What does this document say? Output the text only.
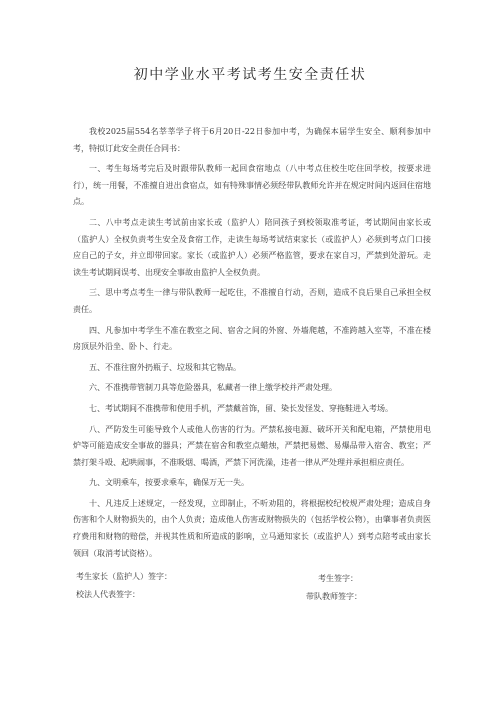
初中学业水平考试考生安全责任状

我校2025届554名莘莘学子将于6月20日-22日参加中考，为确保本届学生安全、顺利参加中考，特拟订此安全责任合同书：

一、考生每场考完后及时跟带队教师一起回食宿地点（八中考点住校生吃住回学校，按要求进行），统一用餐，不准擅自进出食宿点，如有特殊事情必须经带队教师允许并在规定时间内返回住宿地点。

二、八中考点走读生考试前由家长或（监护人）陪同孩子到校领取准考证，考试期间由家长或（监护人）全权负责考生安全及食宿工作，走读生每场考试结束家长（或监护人）必须到考点门口接应自己的子女，并立即带回家。家长（或监护人）必须严格监管，要求在家自习，严禁到处游玩。走读生考试期间误考、出现安全事故由监护人全权负责。

三、思中考点考生一律与带队教师一起吃住，不准擅自行动，否则，造成不良后果自己承担全权责任。

四、凡参加中考学生不准在教室之间、宿舍之间的外窗、外墙爬越，不准跨越入室等，不准在楼房顶层外沿坐、卧卜、行走。

五、不准往窗外扔瓶子、垃圾和其它物品。

六、不准携带管制刀具等危险器具，私藏者一律上缴学校并严肃处理。

七、考试期间不准携带和使用手机，严禁戴首饰，留、染长发怪发、穿拖鞋进入考场。

八、严防发生可能导致个人或他人伤害的行为。严禁私接电源、破坏开关和配电箱，严禁使用电炉等可能造成安全事故的器具；严禁在宿舍和教室点蜡烛，严禁把易燃、易爆品带入宿舍、教室；严禁打架斗殴、起哄闹事，不准吸烟、喝酒，严禁下河洗澡，违者一律从严处理并承担相应责任。

九、文明乘车，按要求乘车，确保万无一失。

十、凡违反上述规定，一经发现，立即制止，不听劝阻的，将根据校纪校规严肃处理；造成自身伤害和个人财物损失的，由个人负责；造成他人伤害或财物损失的（包括学校公物），由肇事者负责医疗费用和财物的赔偿，并视其性质和所造成的影响，立马通知家长（或监护人）到考点陪考或由家长领回（取消考试资格）。

考生家长（监护人）签字：
校法人代表签字：
考生签字：
带队教师签字：
